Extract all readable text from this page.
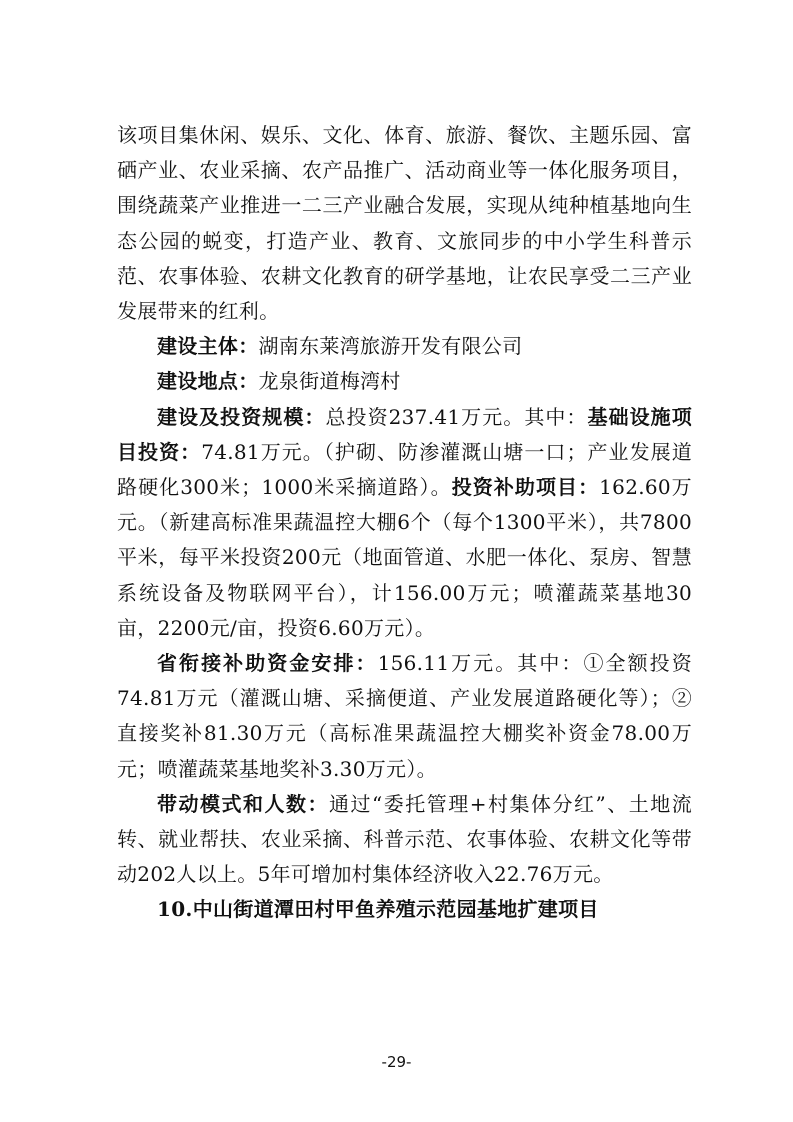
该项目集休闲、娱乐、文化、体育、旅游、餐饮、主题乐园、富硒产业、农业采摘、农产品推广、活动商业等一体化服务项目，围绕蔬菜产业推进一二三产业融合发展，实现从纯种植基地向生态公园的蜕变，打造产业、教育、文旅同步的中小学生科普示范、农事体验、农耕文化教育的研学基地，让农民享受二三产业发展带来的红利。

建设主体：湖南东莱湾旅游开发有限公司

建设地点：龙泉街道梅湾村

建设及投资规模：总投资237.41万元。其中：基础设施项目投资：74.81万元。（护砌、防渗灌溉山塘一口；产业发展道路硬化300米；1000米采摘道路）。投资补助项目：162.60万元。（新建高标准果蔬温控大棚6个（每个1300平米），共7800平米，每平米投资200元（地面管道、水肥一体化、泵房、智慧系统设备及物联网平台），计156.00万元；喷灌蔬菜基地30亩，2200元/亩，投资6.60万元）。

省衔接补助资金安排：156.11万元。其中：①全额投资74.81万元（灌溉山塘、采摘便道、产业发展道路硬化等）；②直接奖补81.30万元（高标准果蔬温控大棚奖补资金78.00万元；喷灌蔬菜基地奖补3.30万元）。

带动模式和人数：通过“委托管理+村集体分红”、土地流转、就业帮扶、农业采摘、科普示范、农事体验、农耕文化等带动202人以上。5年可增加村集体经济收入22.76万元。

10.中山街道潭田村甲鱼养殖示范园基地扩建项目

-29-
